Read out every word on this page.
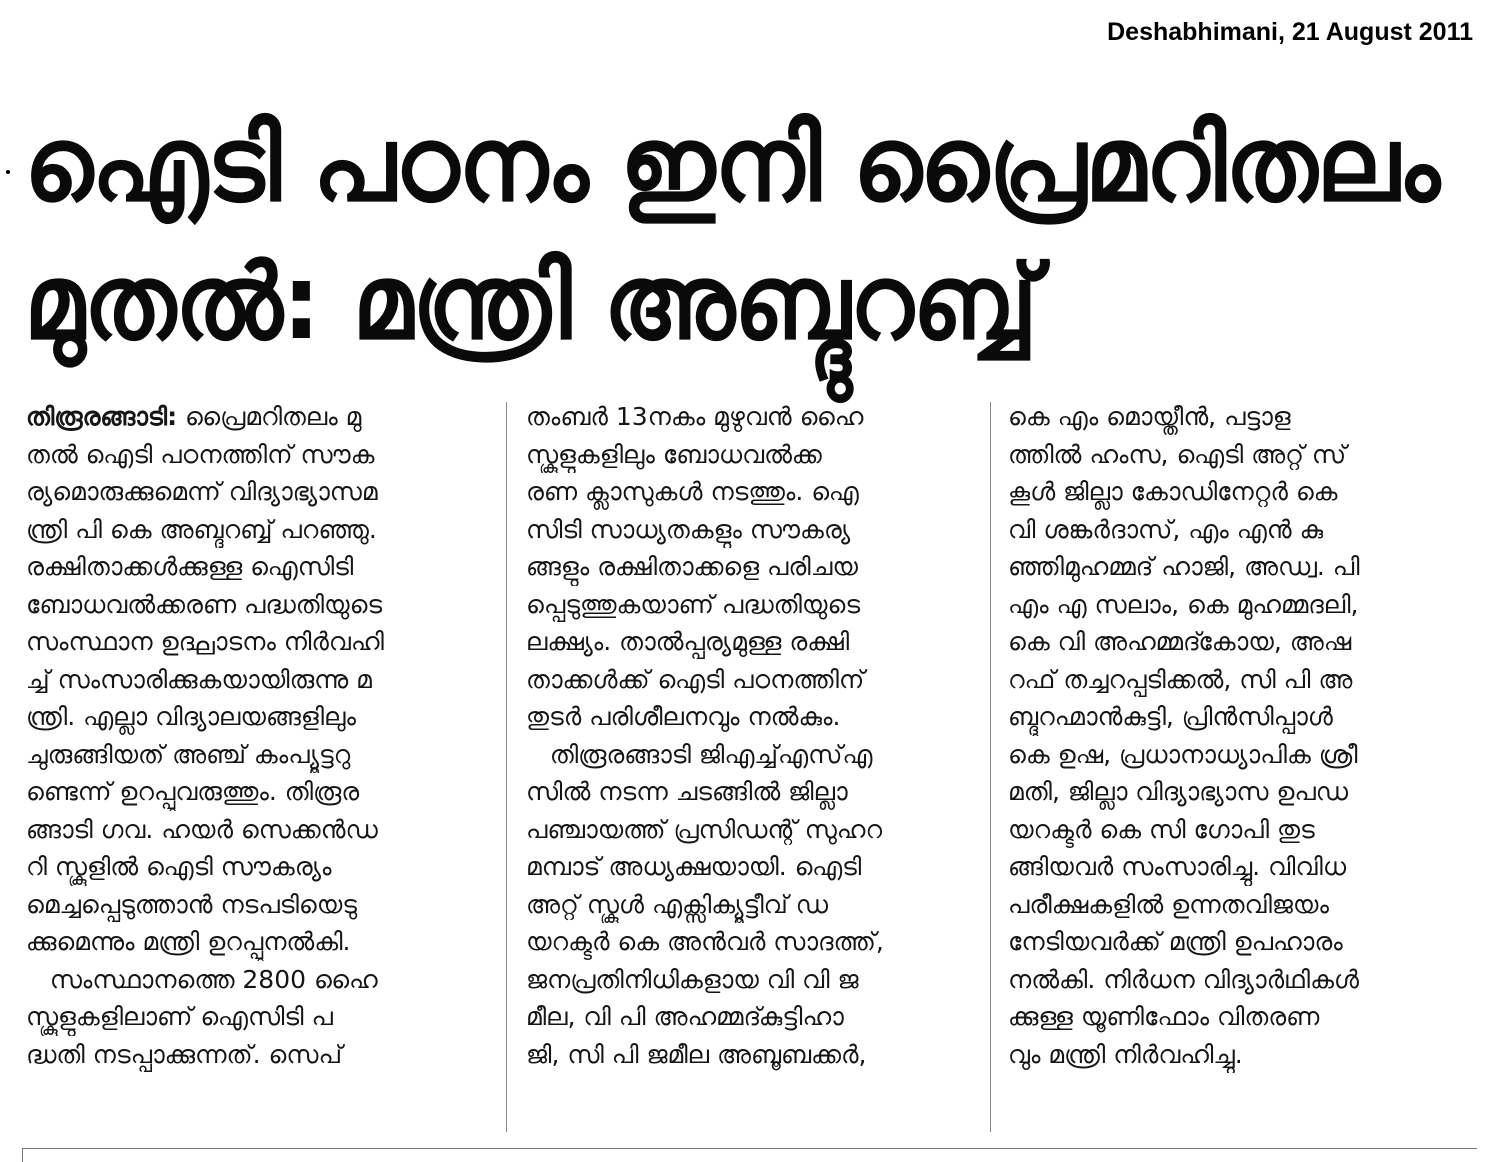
Deshabhimani, 21 August 2011
ഐടി പഠനം ഇനി പ്രൈമറിതലം
മുതൽ: മന്ത്രി അബ്ദുറബ്ബ്
തിരൂരങ്ങാടി: പ്രൈമറിതലം മു
തൽ ഐടി പഠനത്തിന് സൗക
ര്യമൊരുക്കുമെന്ന് വിദ്യാഭ്യാസമ
ന്ത്രി പി കെ അബ്ദുറബ്ബ് പറഞ്ഞു.
രക്ഷിതാക്കൾക്കുള്ള ഐസിടി
ബോധവൽക്കരണ പദ്ധതിയുടെ
സംസ്ഥാന ഉദ്ഘാടനം നിർവഹി
ച്ച് സംസാരിക്കുകയായിരുന്നു മ
ന്ത്രി. എല്ലാ വിദ്യാലയങ്ങളിലും
ചുരുങ്ങിയത് അഞ്ച് കംപ്യൂട്ടറു
ണ്ടെന്ന് ഉറപ്പുവരുത്തും. തിരൂര
ങ്ങാടി ഗവ. ഹയർ സെക്കൻഡ
റി സ്കൂളിൽ ഐടി സൗകര്യം
മെച്ചപ്പെടുത്താൻ നടപടിയെടു
ക്കുമെന്നും മന്ത്രി ഉറപ്പുനൽകി.
സംസ്ഥാനത്തെ 2800 ഹൈ
സ്കൂളുകളിലാണ് ഐസിടി പ
ദ്ധതി നടപ്പാക്കുന്നത്. സെപ്
തംബർ 13നകം മുഴുവൻ ഹൈ
സ്കൂളുകളിലും ബോധവൽക്ക
രണ ക്ലാസുകൾ നടത്തും. ഐ
സിടി സാധ്യതകളും സൗകര്യ
ങ്ങളും രക്ഷിതാക്കളെ പരിചയ
പ്പെടുത്തുകയാണ് പദ്ധതിയുടെ
ലക്ഷ്യം. താൽപ്പര്യമുള്ള രക്ഷി
താക്കൾക്ക് ഐടി പഠനത്തിന്
തുടർ പരിശീലനവും നൽകും.
തിരൂരങ്ങാടി ജിഎച്ച്എസ്എ
സിൽ നടന്ന ചടങ്ങിൽ ജില്ലാ
പഞ്ചായത്ത് പ്രസിഡന്റ് സുഹറ
മമ്പാട് അധ്യക്ഷയായി. ഐടി
അറ്റ് സ്കൂൾ എക്സിക്യൂട്ടീവ് ഡ
യറക്ടർ കെ അൻവർ സാദത്ത്,
ജനപ്രതിനിധികളായ വി വി ജ
മീല, വി പി അഹമ്മദ്കുട്ടിഹാ
ജി, സി പി ജമീല അബൂബക്കർ,
കെ എം മൊയ്തീൻ, പട്ടാള
ത്തിൽ ഹംസ, ഐടി അറ്റ് സ്
കൂൾ ജില്ലാ കോഡിനേറ്റർ കെ
വി ശങ്കർദാസ്, എം എൻ കു
ഞ്ഞിമുഹമ്മദ് ഹാജി, അഡ്വ. പി
എം എ സലാം, കെ മുഹമ്മദലി,
കെ വി അഹമ്മദ്കോയ, അഷ
റഫ് തച്ചറപ്പടിക്കൽ, സി പി അ
ബ്ദുറഹ്മാൻകുട്ടി, പ്രിൻസിപ്പാൾ
കെ ഉഷ, പ്രധാനാധ്യാപിക ശ്രീ
മതി, ജില്ലാ വിദ്യാഭ്യാസ ഉപഡ
യറക്ടർ കെ സി ഗോപി തുട
ങ്ങിയവർ സംസാരിച്ചു. വിവിധ
പരീക്ഷകളിൽ ഉന്നതവിജയം
നേടിയവർക്ക് മന്ത്രി ഉപഹാരം
നൽകി. നിർധന വിദ്യാർഥികൾ
ക്കുള്ള യൂണിഫോം വിതരണ
വും മന്ത്രി നിർവഹിച്ചു.
